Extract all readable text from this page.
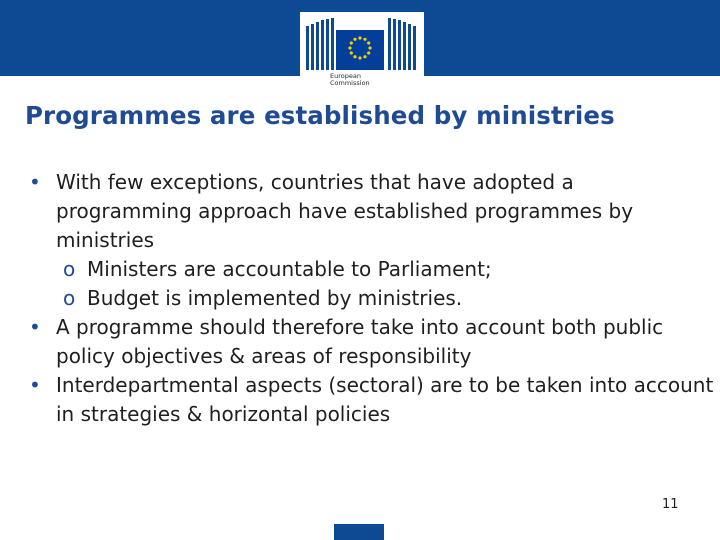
European
Commission
Programmes are established by ministries
• With few exceptions, countries that have adopted a programming approach have established programmes by ministries
o Ministers are accountable to Parliament;
o Budget is implemented by ministries.
• A programme should therefore take into account both public policy objectives & areas of responsibility
• Interdepartmental aspects (sectoral) are to be taken into account in strategies & horizontal policies
11
